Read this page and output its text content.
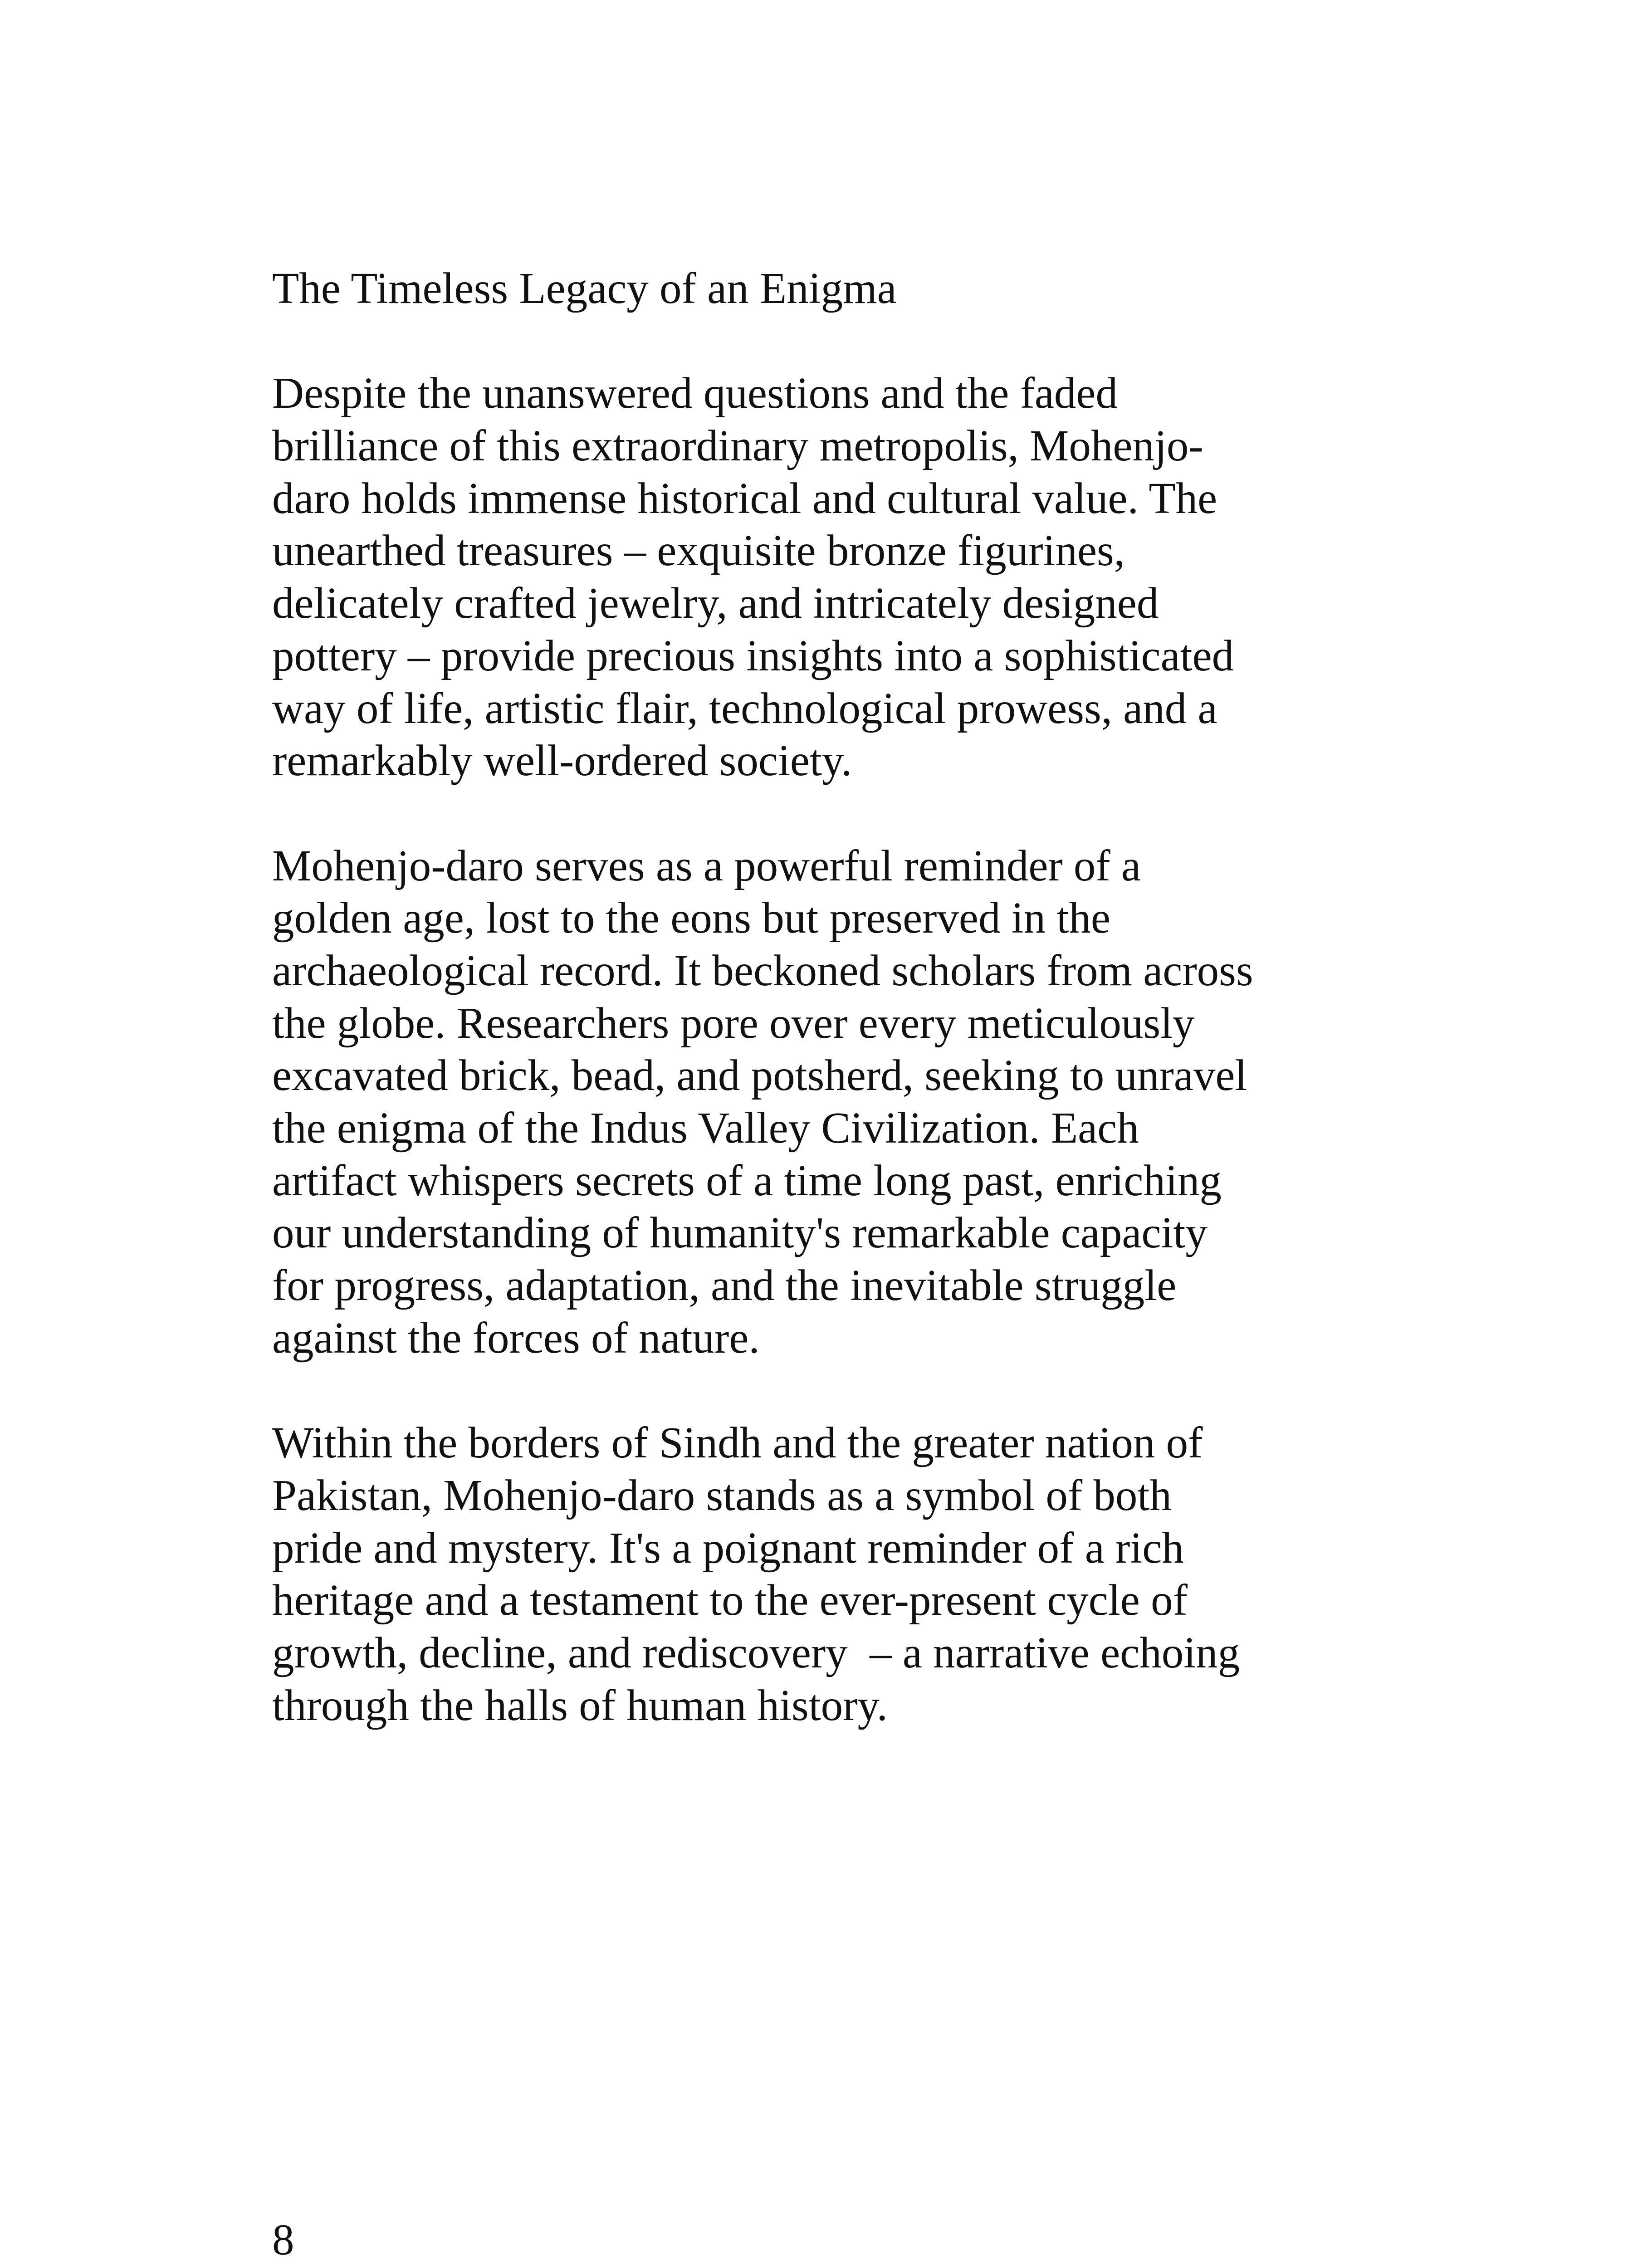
The Timeless Legacy of an Enigma
Despite the unanswered questions and the faded
brilliance of this extraordinary metropolis, Mohenjo-
daro holds immense historical and cultural value. The
unearthed treasures – exquisite bronze figurines,
delicately crafted jewelry, and intricately designed
pottery – provide precious insights into a sophisticated
way of life, artistic flair, technological prowess, and a
remarkably well-ordered society.
Mohenjo-daro serves as a powerful reminder of a
golden age, lost to the eons but preserved in the
archaeological record. It beckoned scholars from across
the globe. Researchers pore over every meticulously
excavated brick, bead, and potsherd, seeking to unravel
the enigma of the Indus Valley Civilization. Each
artifact whispers secrets of a time long past, enriching
our understanding of humanity's remarkable capacity
for progress, adaptation, and the inevitable struggle
against the forces of nature.
Within the borders of Sindh and the greater nation of
Pakistan, Mohenjo-daro stands as a symbol of both
pride and mystery. It's a poignant reminder of a rich
heritage and a testament to the ever-present cycle of
growth, decline, and rediscovery  – a narrative echoing
through the halls of human history.
8
